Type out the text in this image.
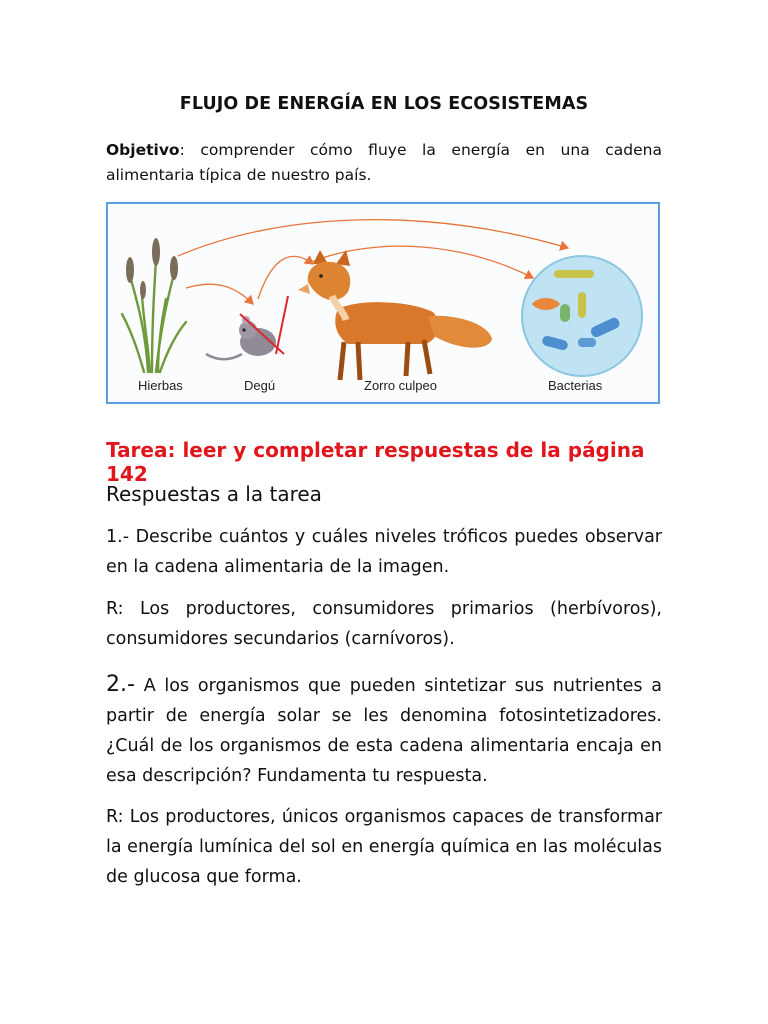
FLUJO DE ENERGÍA EN LOS ECOSISTEMAS
Objetivo: comprender cómo fluye la energía en una cadena alimentaria típica de nuestro país.
Hierbas	Degú	Zorro culpeo	Bacterias
Tarea: leer y completar respuestas de la página 142
Respuestas a la tarea
1.- Describe cuántos y cuáles niveles tróficos puedes observar en la cadena alimentaria de la imagen.
R: Los productores, consumidores primarios (herbívoros), consumidores secundarios (carnívoros).
2.- A los organismos que pueden sintetizar sus nutrientes a partir de energía solar se les denomina fotosintetizadores. ¿Cuál de los organismos de esta cadena alimentaria encaja en esa descripción? Fundamenta tu respuesta.
R: Los productores, únicos organismos capaces de transformar la energía lumínica del sol en energía química en las moléculas de glucosa que forma.
